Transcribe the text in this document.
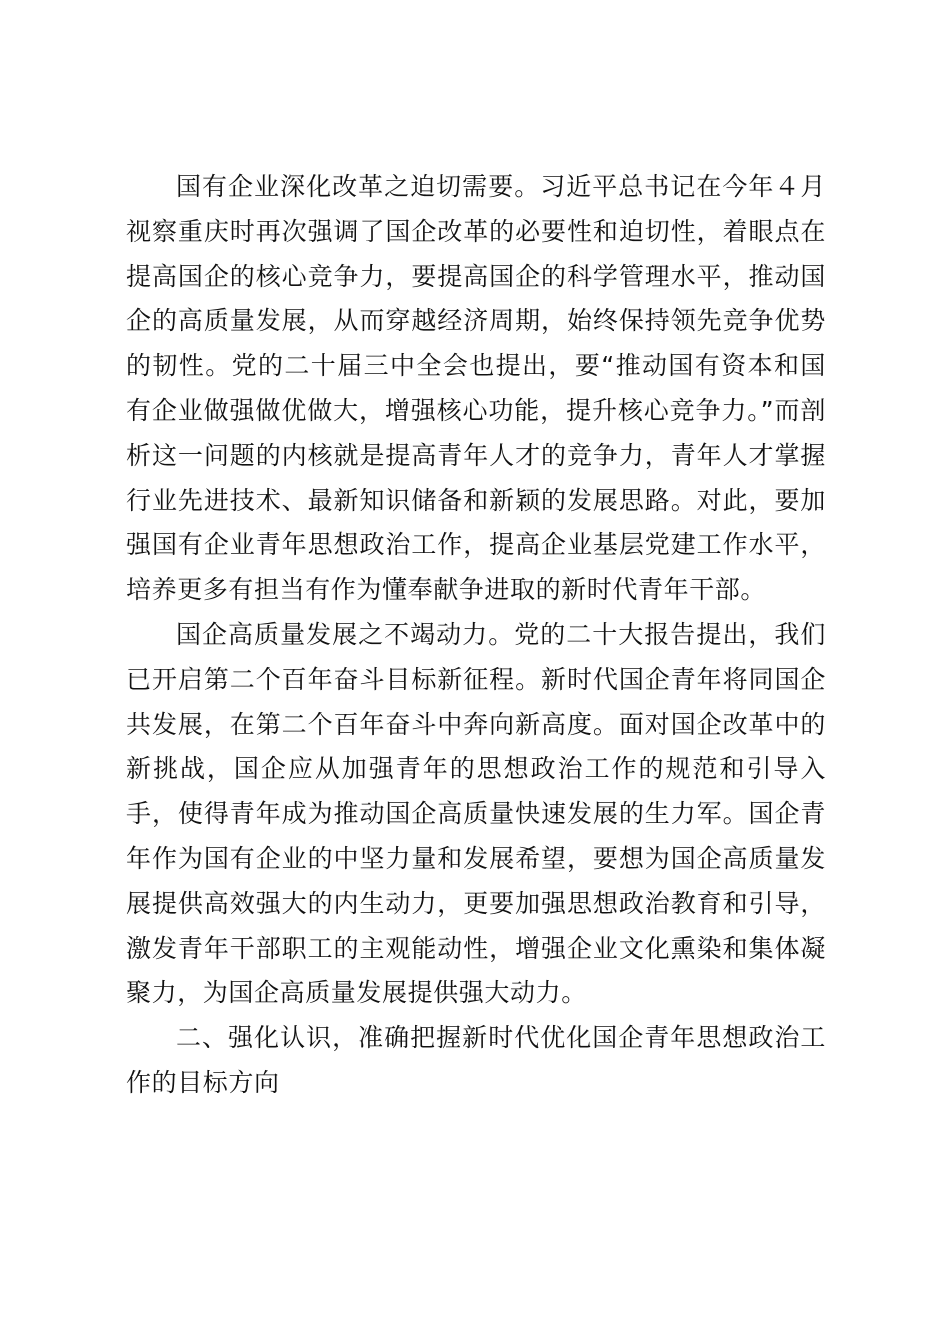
国有企业深化改革之迫切需要。习近平总书记在今年４月视察重庆时再次强调了国企改革的必要性和迫切性，着眼点在提高国企的核心竞争力，要提高国企的科学管理水平，推动国企的高质量发展，从而穿越经济周期，始终保持领先竞争优势的韧性。党的二十届三中全会也提出，要“推动国有资本和国有企业做强做优做大，增强核心功能，提升核心竞争力。”而剖析这一问题的内核就是提高青年人才的竞争力，青年人才掌握行业先进技术、最新知识储备和新颖的发展思路。对此，要加强国有企业青年思想政治工作，提高企业基层党建工作水平，培养更多有担当有作为懂奉献争进取的新时代青年干部。

国企高质量发展之不竭动力。党的二十大报告提出，我们已开启第二个百年奋斗目标新征程。新时代国企青年将同国企共发展，在第二个百年奋斗中奔向新高度。面对国企改革中的新挑战，国企应从加强青年的思想政治工作的规范和引导入手，使得青年成为推动国企高质量快速发展的生力军。国企青年作为国有企业的中坚力量和发展希望，要想为国企高质量发展提供高效强大的内生动力，更要加强思想政治教育和引导，激发青年干部职工的主观能动性，增强企业文化熏染和集体凝聚力，为国企高质量发展提供强大动力。

二、强化认识，准确把握新时代优化国企青年思想政治工作的目标方向
